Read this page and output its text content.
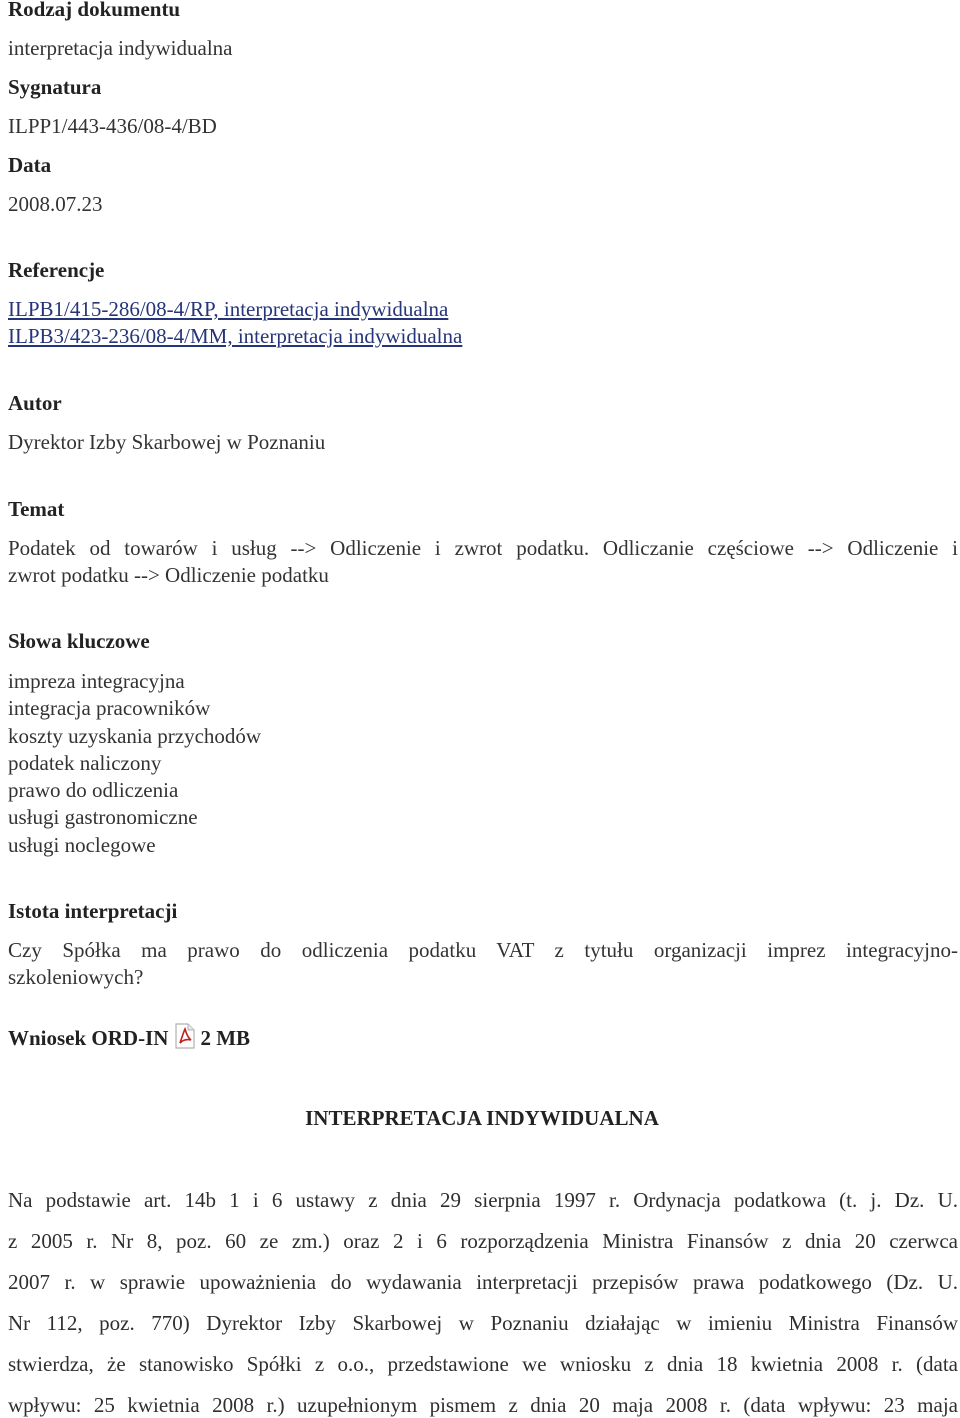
Rodzaj dokumentu
interpretacja indywidualna
Sygnatura
ILPP1/443-436/08-4/BD
Data
2008.07.23
Referencje
ILPB1/415-286/08-4/RP, interpretacja indywidualna
ILPB3/423-236/08-4/MM, interpretacja indywidualna
Autor
Dyrektor Izby Skarbowej w Poznaniu
Temat
Podatek od towarów i usług --> Odliczenie i zwrot podatku. Odliczanie częściowe --> Odliczenie i
zwrot podatku --> Odliczenie podatku
Słowa kluczowe
impreza integracyjna
integracja pracowników
koszty uzyskania przychodów
podatek naliczony
prawo do odliczenia
usługi gastronomiczne
usługi noclegowe
Istota interpretacji
Czy Spółka ma prawo do odliczenia podatku VAT z tytułu organizacji imprez integracyjno-
szkoleniowych?
Wniosek ORD-IN 2 MB
INTERPRETACJA INDYWIDUALNA
Na podstawie art. 14b 1 i 6 ustawy z dnia 29 sierpnia 1997 r. Ordynacja podatkowa (t. j. Dz. U.
z 2005 r. Nr 8, poz. 60 ze zm.) oraz 2 i 6 rozporządzenia Ministra Finansów z dnia 20 czerwca
2007 r. w sprawie upoważnienia do wydawania interpretacji przepisów prawa podatkowego (Dz. U.
Nr 112, poz. 770) Dyrektor Izby Skarbowej w Poznaniu działając w imieniu Ministra Finansów
stwierdza, że stanowisko Spółki z o.o., przedstawione we wniosku z dnia 18 kwietnia 2008 r. (data
wpływu: 25 kwietnia 2008 r.) uzupełnionym pismem z dnia 20 maja 2008 r. (data wpływu: 23 maja
